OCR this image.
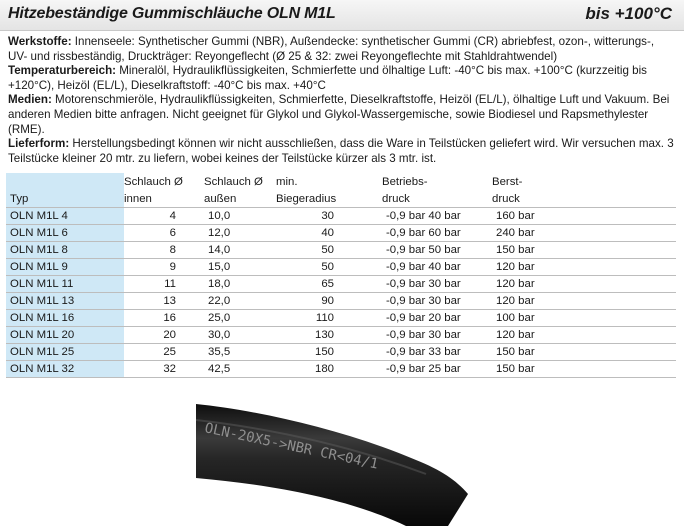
Hitzebeständige Gummischläuche OLN M1L	bis +100°C

Werkstoffe: Innenseele: Synthetischer Gummi (NBR), Außendecke: synthetischer Gummi (CR) abriebfest, ozon-, witterungs-, UV- und rissbeständig, Druckträger: Reyongeflecht (Ø 25 & 32: zwei Reyongeflechte mit Stahldrahtwendel)

Temperaturbereich: Mineralöl, Hydraulikflüssigkeiten, Schmierfette und ölhaltige Luft: -40°C bis max. +100°C (kurzzeitig bis +120°C), Heizöl (EL/L), Dieselkraftstoff: -40°C bis max. +40°C

Medien: Motorenschmieröle, Hydraulikflüssigkeiten, Schmierfette, Dieselkraftstoffe, Heizöl (EL/L), ölhaltige Luft und Vakuum. Bei anderen Medien bitte anfragen. Nicht geeignet für Glykol und Glykol-Wassergemische, sowie Biodiesel und Rapsmethylester (RME).

Lieferform: Herstellungsbedingt können wir nicht ausschließen, dass die Ware in Teilstücken geliefert wird. Wir versuchen max. 3 Teilstücke kleiner 20 mtr. zu liefern, wobei keines der Teilstücke kürzer als 3 mtr. ist.

	Schlauch Ø	Schlauch Ø	min.	Betriebs-	Berst-
Typ	innen	außen	Biegeradius	druck	druck
OLN M1L 4	4	10,0	30	-0,9 bar 40 bar	160 bar
OLN M1L 6	6	12,0	40	-0,9 bar 60 bar	240 bar
OLN M1L 8	8	14,0	50	-0,9 bar 50 bar	150 bar
OLN M1L 9	9	15,0	50	-0,9 bar 40 bar	120 bar
OLN M1L 11	11	18,0	65	-0,9 bar 30 bar	120 bar
OLN M1L 13	13	22,0	90	-0,9 bar 30 bar	120 bar
OLN M1L 16	16	25,0	110	-0,9 bar 20 bar	100 bar
OLN M1L 20	20	30,0	130	-0,9 bar 30 bar	120 bar
OLN M1L 25	25	35,5	150	-0,9 bar 33 bar	150 bar
OLN M1L 32	32	42,5	180	-0,9 bar 25 bar	150 bar
OLN-20X5->NBR CR<04/1
